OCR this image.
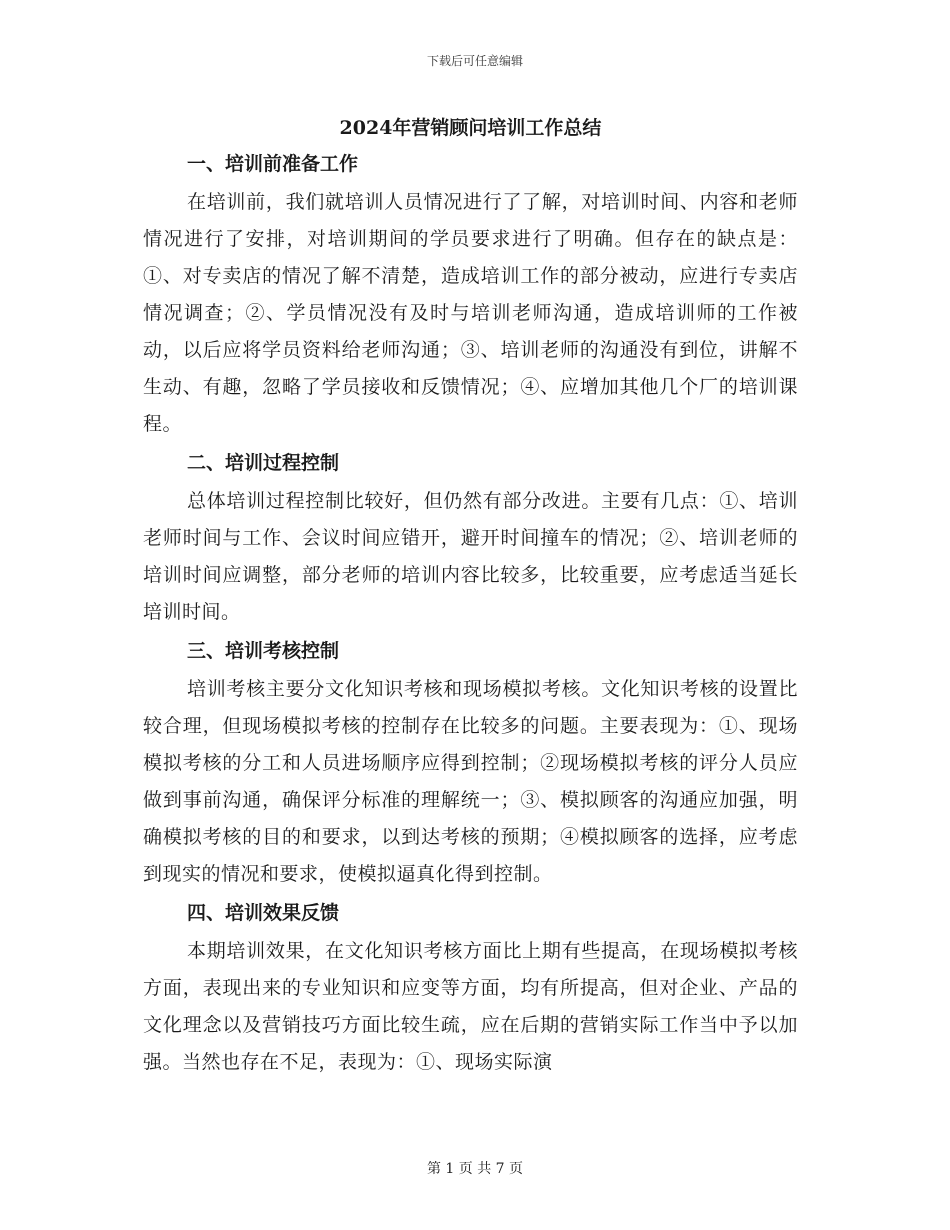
下载后可任意编辑
2024年营销顾问培训工作总结
一、培训前准备工作

在培训前，我们就培训人员情况进行了了解，对培训时间、内容和老师情况进行了安排，对培训期间的学员要求进行了明确。但存在的缺点是：①、对专卖店的情况了解不清楚，造成培训工作的部分被动，应进行专卖店情况调查；②、学员情况没有及时与培训老师沟通，造成培训师的工作被动，以后应将学员资料给老师沟通；③、培训老师的沟通没有到位，讲解不生动、有趣，忽略了学员接收和反馈情况；④、应增加其他几个厂的培训课程。

二、培训过程控制

总体培训过程控制比较好，但仍然有部分改进。主要有几点：①、培训老师时间与工作、会议时间应错开，避开时间撞车的情况；②、培训老师的培训时间应调整，部分老师的培训内容比较多，比较重要，应考虑适当延长培训时间。

三、培训考核控制

培训考核主要分文化知识考核和现场模拟考核。文化知识考核的设置比较合理，但现场模拟考核的控制存在比较多的问题。主要表现为：①、现场模拟考核的分工和人员进场顺序应得到控制；②现场模拟考核的评分人员应做到事前沟通，确保评分标准的理解统一；③、模拟顾客的沟通应加强，明确模拟考核的目的和要求，以到达考核的预期；④模拟顾客的选择，应考虑到现实的情况和要求，使模拟逼真化得到控制。

四、培训效果反馈

本期培训效果，在文化知识考核方面比上期有些提高，在现场模拟考核方面，表现出来的专业知识和应变等方面，均有所提高，但对企业、产品的文化理念以及营销技巧方面比较生疏，应在后期的营销实际工作当中予以加强。当然也存在不足，表现为：①、现场实际演

第 1 页 共 7 页
